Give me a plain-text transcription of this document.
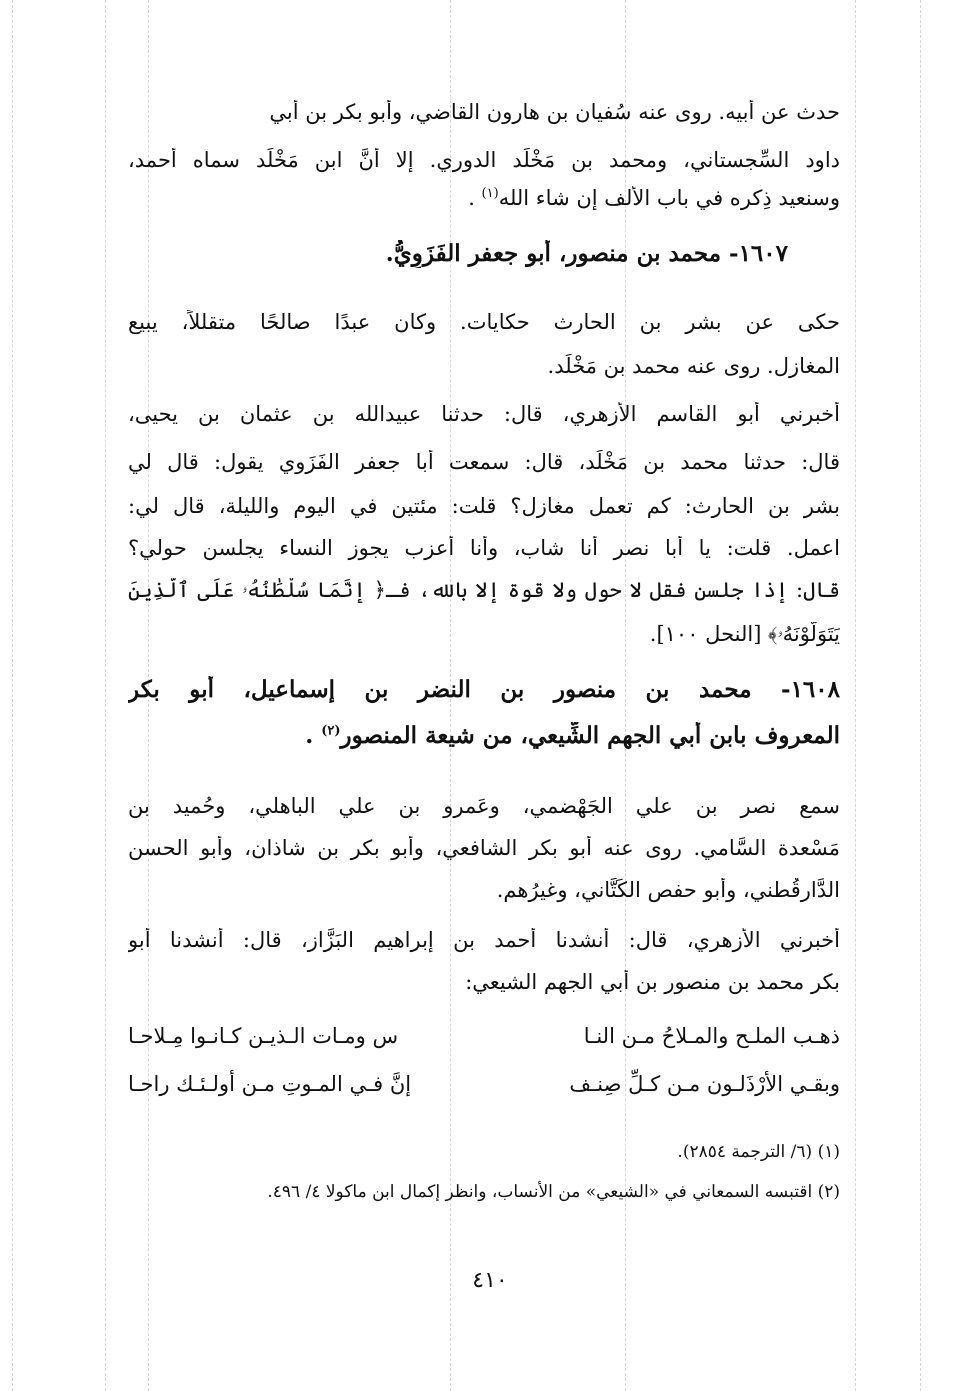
حدث عن أبيه. روى عنه سُفيان بن هارون القاضي، وأبو بكر بن أبي
داود السِّجستاني، ومحمد بن مَخْلَد الدوري. إلا أنَّ ابن مَخْلَد سماه أحمد،
وسنعيد ذِكره في باب الألف إن شاء الله$^{(١)}$ .
١٦٠٧- محمد بن منصور، أبو جعفر الفَزَوِيُّ.
حكى عن بشر بن الحارث حكايات. وكان عبدًا صالحًا متقللاً، يبيع
المغازل. روى عنه محمد بن مَخْلَد.
أخبرني أبو القاسم الأزهري، قال: حدثنا عبيدالله بن عثمان بن يحيى،
قال: حدثنا محمد بن مَخْلَد، قال: سمعت أبا جعفر الفَزَوي يقول: قال لي
بشر بن الحارث: كم تعمل مغازل؟ قلت: مئتين في اليوم والليلة، قال لي:
اعمل. قلت: يا أبا نصر أنا شاب، وأنا أعزب يجوز النساء يجلسن حولي؟
قال: إذا جلسن فقل لا حول ولا قوة إلا بالله، فـ﴿ إِنَّمَا سُلْطَٰنُهُۥ عَلَى ٱلَّذِينَ
يَتَوَلَّوْنَهُۥ﴾ [النحل ١٠٠].
١٦٠٨- محمد بن منصور بن النضر بن إسماعيل، أبو بكر
المعروف بابن أبي الجهم الشِّيعي، من شيعة المنصور$^{(٢)}$ .
سمع نصر بن علي الجَهْضمي، وعَمرو بن علي الباهلي، وحُميد بن
مَسْعدة السَّامي. روى عنه أبو بكر الشافعي، وأبو بكر بن شاذان، وأبو الحسن
الدَّارقُطني، وأبو حفص الكَتَّاني، وغيرُهم.
أخبرني الأزهري، قال: أنشدنا أحمد بن إبراهيم البَزَّاز، قال: أنشدنا أبو
بكر محمد بن منصور بن أبي الجهم الشيعي:
ذهـب الملـح والمـلاحُ مـن النـا
س ومـات الـذيـن كـانـوا مِـلاحـا
وبقـي الأرْذَلـون مـن كـلِّ صِنـف
إنَّ فـي المـوتِ مـن أولـئـك راحـا
(١) (٦/ الترجمة ٢٨٥٤).
(٢) اقتبسه السمعاني في «الشيعي» من الأنساب، وانظر إكمال ابن ماكولا ٤/ ٤٩٦.
٤١٠
